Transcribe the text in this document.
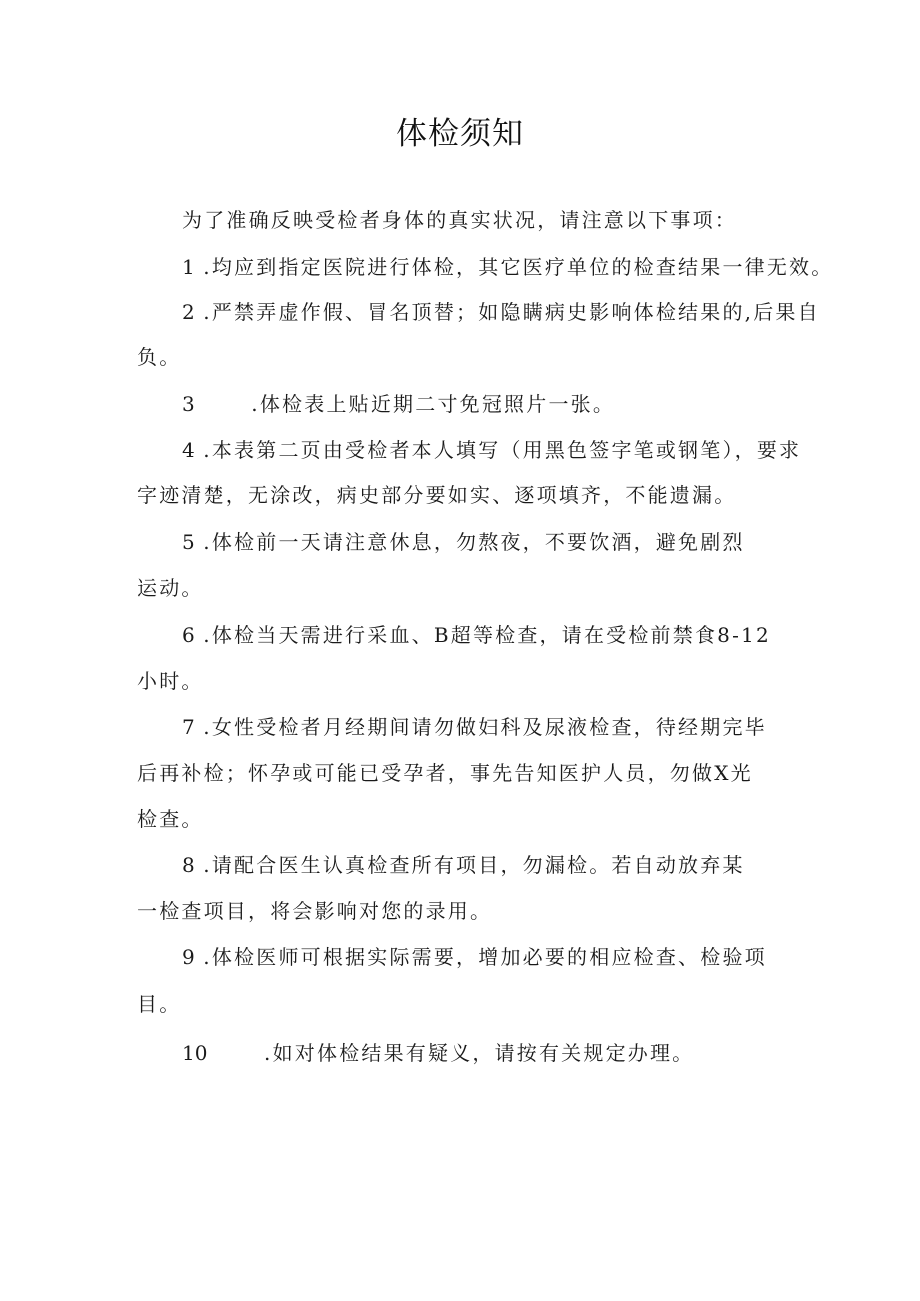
体检须知
为了准确反映受检者身体的真实状况，请注意以下事项：
1 .均应到指定医院进行体检，其它医疗单位的检查结果一律无效。
2 .严禁弄虚作假、冒名顶替；如隐瞒病史影响体检结果的,后果自
负。
3	.体检表上贴近期二寸免冠照片一张。
4 .本表第二页由受检者本人填写（用黑色签字笔或钢笔），要求
字迹清楚，无涂改，病史部分要如实、逐项填齐，不能遗漏。
5 .体检前一天请注意休息，勿熬夜，不要饮酒，避免剧烈
运动。
6 .体检当天需进行采血、B超等检查，请在受检前禁食8-12
小时。
7 .女性受检者月经期间请勿做妇科及尿液检查，待经期完毕
后再补检；怀孕或可能已受孕者，事先告知医护人员，勿做X光
检查。
8 .请配合医生认真检查所有项目，勿漏检。若自动放弃某
一检查项目，将会影响对您的录用。
9 .体检医师可根据实际需要，增加必要的相应检查、检验项
目。
10	.如对体检结果有疑义，请按有关规定办理。
